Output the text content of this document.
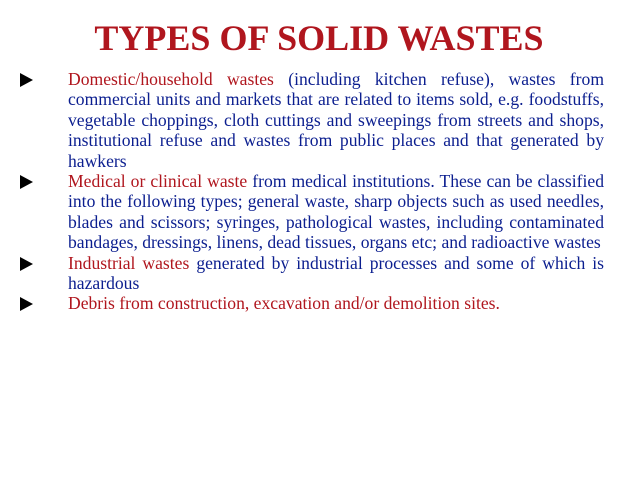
TYPES OF SOLID WASTES
Domestic/household wastes (including kitchen refuse), wastes from commercial units and markets that are related to items sold, e.g. foodstuffs, vegetable choppings, cloth cuttings and sweepings from streets and shops, institutional refuse and wastes from public places and that generated by hawkers
Medical or clinical waste from medical institutions. These can be classified into the following types; general waste, sharp objects such as used needles, blades and scissors; syringes, pathological wastes, including contaminated bandages, dressings, linens, dead tissues, organs etc; and radioactive wastes
Industrial wastes generated by industrial processes and some of which is hazardous
Debris from construction, excavation and/or demolition sites.
